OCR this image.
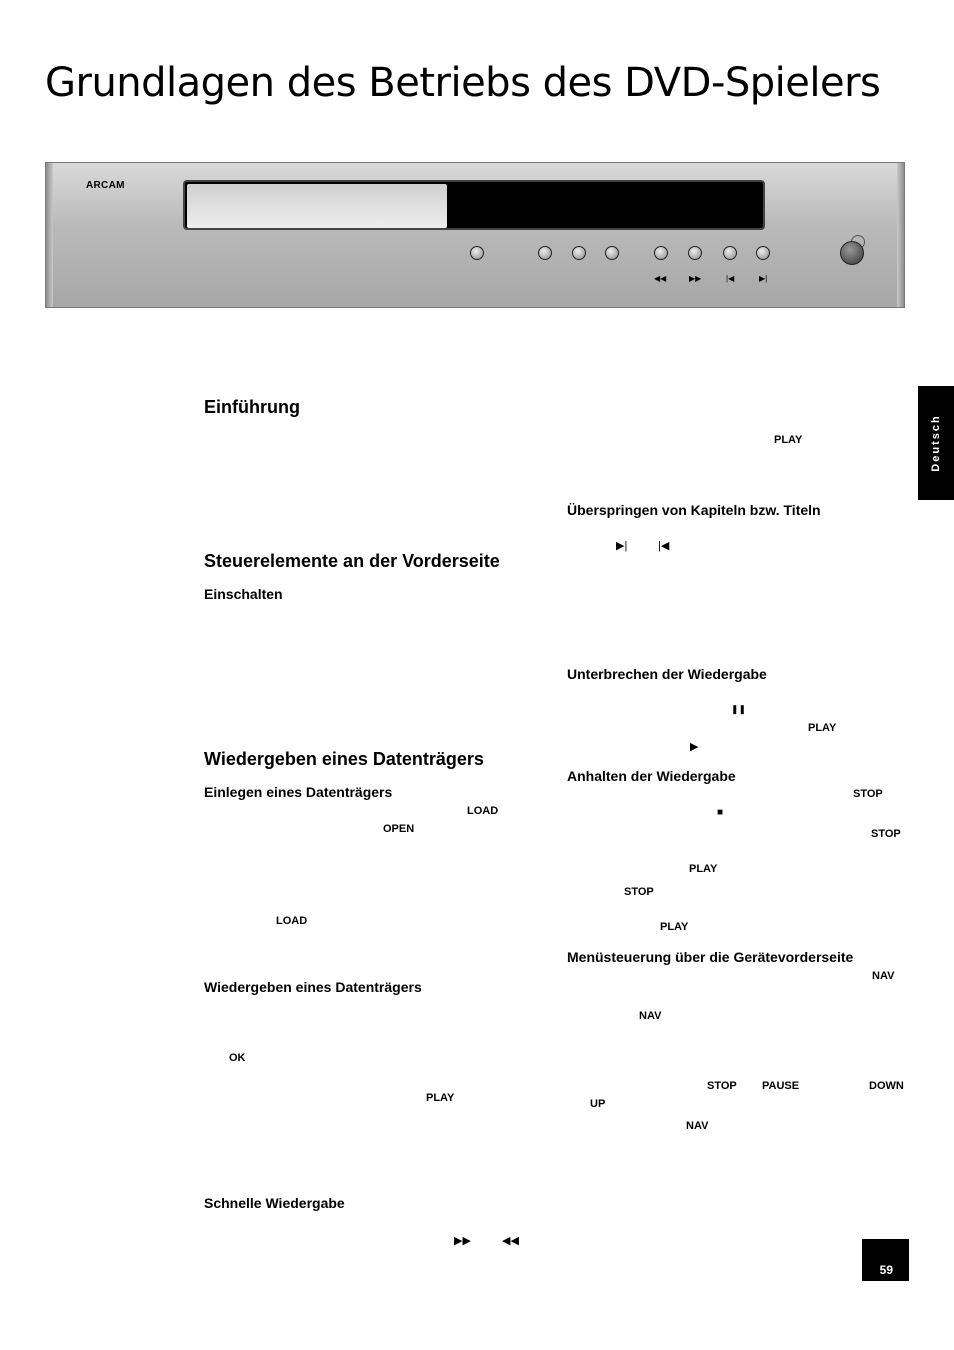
Grundlagen des Betriebs des DVD-Spielers
ARCAM
◀◀	▶▶	|◀	▶|
Einführung
Steuerelemente an der Vorderseite
Einschalten
Wiedergeben eines Datenträgers
Einlegen eines Datenträgers
LOAD
OPEN
LOAD
Wiedergeben eines Datenträgers
OK
PLAY
Schnelle Wiedergabe
▶▶	◀◀
PLAY
Überspringen von Kapiteln bzw. Titeln
▶|	|◀
Unterbrechen der Wiedergabe
❚❚
PLAY
▶
Anhalten der Wiedergabe
STOP
■
STOP
PLAY
STOP
PLAY
Menüsteuerung über die Gerätevorderseite
NAV
NAV
STOP PAUSE	DOWN
UP
NAV
Deutsch
59
